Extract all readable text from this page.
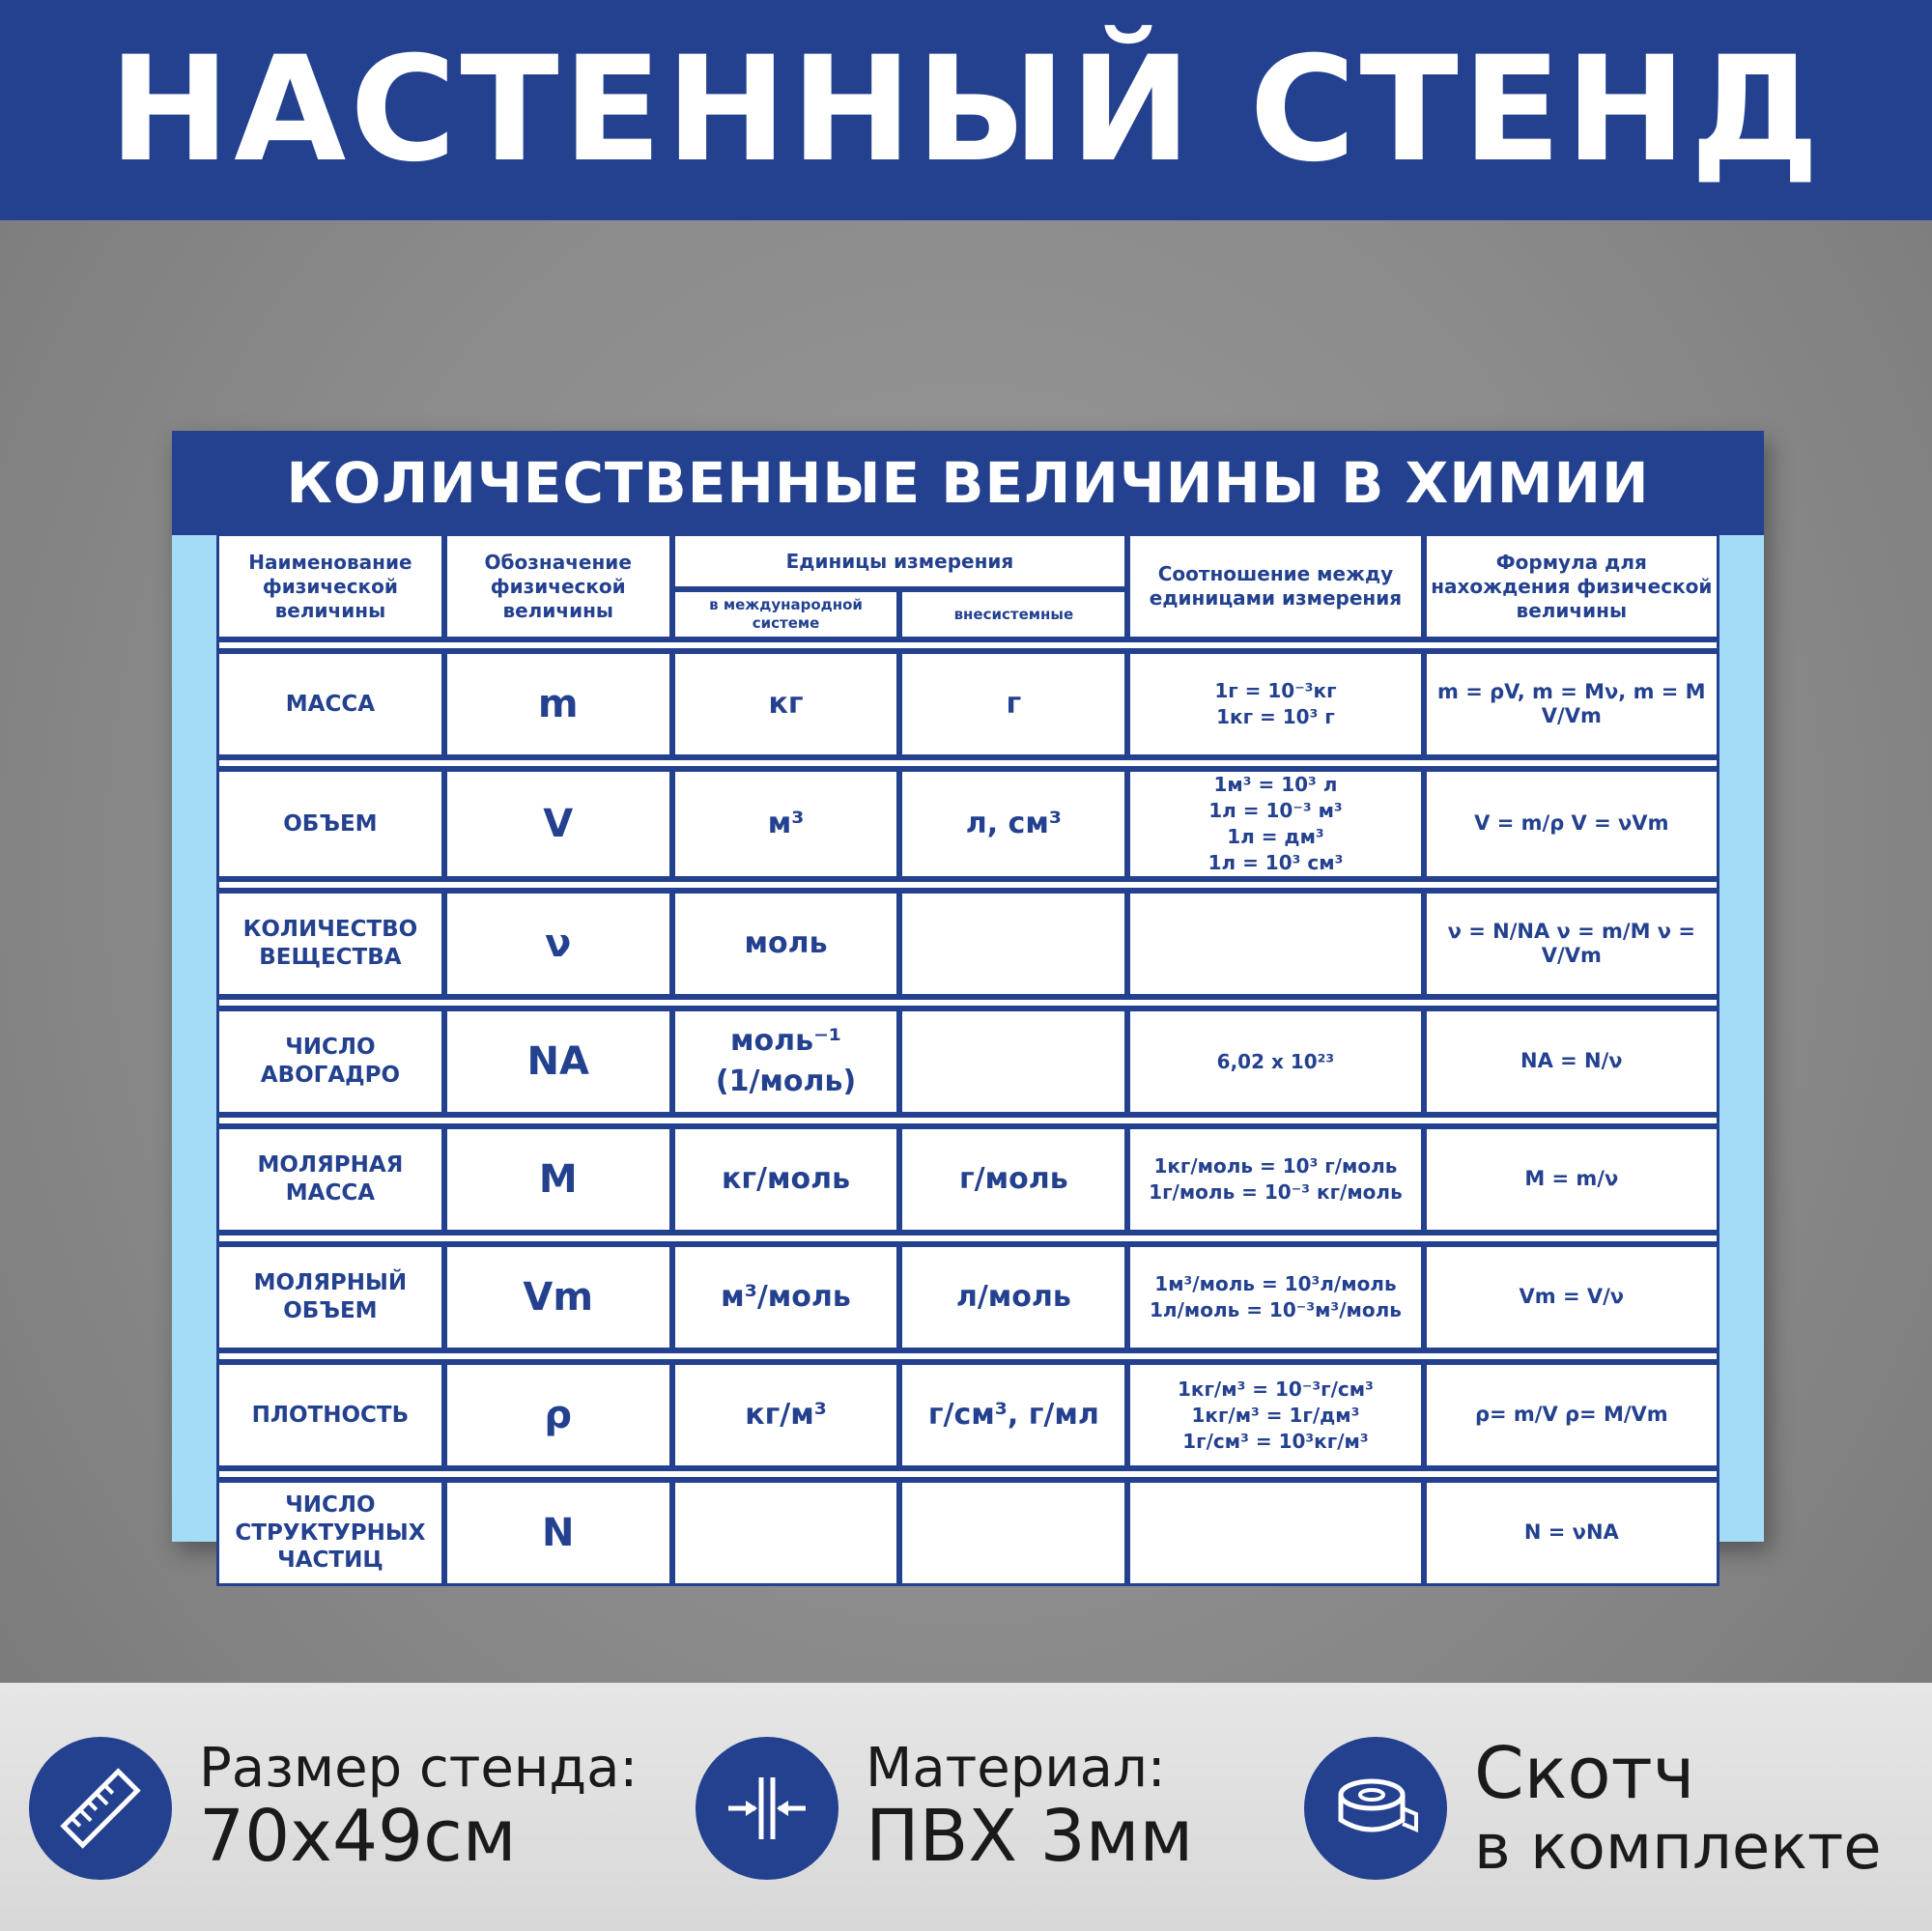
НАСТЕННЫЙ СТЕНД
КОЛИЧЕСТВЕННЫЕ ВЕЛИЧИНЫ В ХИМИИ
Наименование физической величины	Обозначение физической величины	Единицы измерения		Соотношение между единицами измерения	Формула для нахождения физической величины
		в международной системе	внесистемные		

МАССА	m	кг	г	1г = 10⁻³кг
1кг = 10³ г	m = ρV, m = Mν, m = M V/Vm

ОБЪЕМ	V	м³	л, см³	1м³ = 10³ л
1л = 10⁻³ м³
1л = дм³
1л = 10³ см³	V = m/ρ V = νVm

КОЛИЧЕСТВО ВЕЩЕСТВА	ν	моль			ν = N/NA ν = m/M ν = V/Vm

ЧИСЛО АВОГАДРО	NA	моль⁻¹
(1/моль)		6,02 x 10²³	NA = N/ν

МОЛЯРНАЯ МАССА	M	кг/моль	г/моль	1кг/моль = 10³ г/моль
1г/моль = 10⁻³ кг/моль	M = m/ν

МОЛЯРНЫЙ ОБЪЕМ	Vm	м³/моль	л/моль	1м³/моль = 10³л/моль
1л/моль = 10⁻³м³/моль	Vm = V/ν

ПЛОТНОСТЬ	ρ	кг/м³	г/см³, г/мл	1кг/м³ = 10⁻³г/см³
1кг/м³ = 1г/дм³
1г/см³ = 10³кг/м³	ρ= m/V ρ= M/Vm

ЧИСЛО СТРУКТУРНЫХ ЧАСТИЦ	N				N = νNA
Размер стенда:
70х49см
Материал:
ПВХ 3мм
Скотч
в комплекте
